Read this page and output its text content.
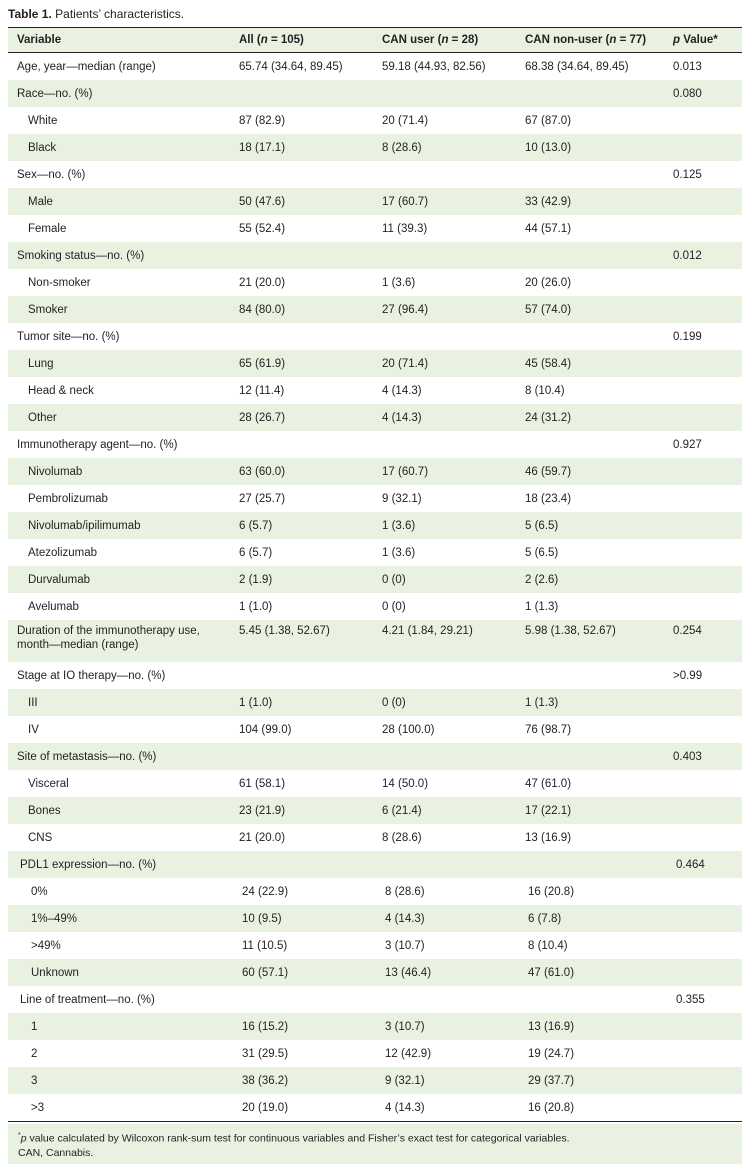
Table 1. Patients’ characteristics.
Variable	All (n = 105)	CAN user (n = 28)	CAN non-user (n = 77)	p Value*
Age, year—median (range)	65.74 (34.64, 89.45)	59.18 (44.93, 82.56)	68.38 (34.64, 89.45)	0.013
Race—no. (%)				0.080
White	87 (82.9)	20 (71.4)	67 (87.0)	
Black	18 (17.1)	8 (28.6)	10 (13.0)	
Sex—no. (%)				0.125
Male	50 (47.6)	17 (60.7)	33 (42.9)	
Female	55 (52.4)	11 (39.3)	44 (57.1)	
Smoking status—no. (%)				0.012
Non-smoker	21 (20.0)	1 (3.6)	20 (26.0)	
Smoker	84 (80.0)	27 (96.4)	57 (74.0)	
Tumor site—no. (%)				0.199
Lung	65 (61.9)	20 (71.4)	45 (58.4)	
Head & neck	12 (11.4)	4 (14.3)	8 (10.4)	
Other	28 (26.7)	4 (14.3)	24 (31.2)	
Immunotherapy agent—no. (%)				0.927
Nivolumab	63 (60.0)	17 (60.7)	46 (59.7)	
Pembrolizumab	27 (25.7)	9 (32.1)	18 (23.4)	
Nivolumab/ipilimumab	6 (5.7)	1 (3.6)	5 (6.5)	
Atezolizumab	6 (5.7)	1 (3.6)	5 (6.5)	
Durvalumab	2 (1.9)	0 (0)	2 (2.6)	
Avelumab	1 (1.0)	0 (0)	1 (1.3)	
Duration of the immunotherapy use, month—median (range)	5.45 (1.38, 52.67)	4.21 (1.84, 29.21)	5.98 (1.38, 52.67)	0.254
Stage at IO therapy—no. (%)				>0.99
III	1 (1.0)	0 (0)	1 (1.3)	
IV	104 (99.0)	28 (100.0)	76 (98.7)	
Site of metastasis—no. (%)				0.403
Visceral	61 (58.1)	14 (50.0)	47 (61.0)	
Bones	23 (21.9)	6 (21.4)	17 (22.1)	
CNS	21 (20.0)	8 (28.6)	13 (16.9)	
PDL1 expression—no. (%)				0.464
0%	24 (22.9)	8 (28.6)	16 (20.8)	
1%–49%	10 (9.5)	4 (14.3)	6 (7.8)	
>49%	11 (10.5)	3 (10.7)	8 (10.4)	
Unknown	60 (57.1)	13 (46.4)	47 (61.0)	
Line of treatment—no. (%)				0.355
1	16 (15.2)	3 (10.7)	13 (16.9)	
2	31 (29.5)	12 (42.9)	19 (24.7)	
3	38 (36.2)	9 (32.1)	29 (37.7)	
>3	20 (19.0)	4 (14.3)	16 (20.8)	
*p value calculated by Wilcoxon rank-sum test for continuous variables and Fisher’s exact test for categorical variables.
CAN, Cannabis.
